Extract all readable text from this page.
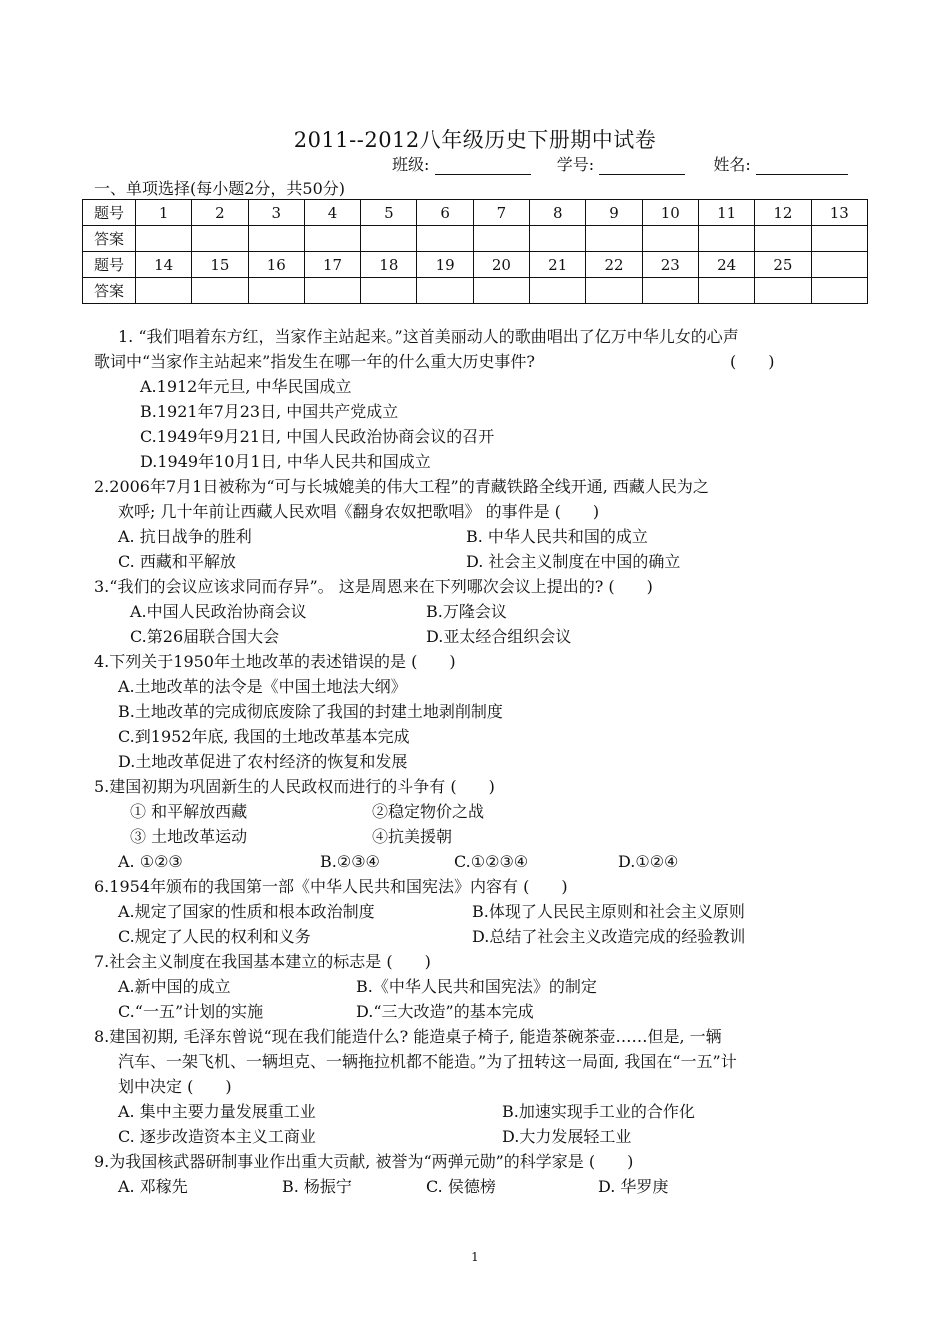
2011--2012八年级历史下册期中试卷
班级:	学号:	姓名:
一、单项选择(每小题2分，共50分)
题号	1	2	3	4	5	6	7	8	9	10	11	12	13
答案													
题号	14	15	16	17	18	19	20	21	22	23	24	25	
答案													
1. “我们唱着东方红，当家作主站起来。”这首美丽动人的歌曲唱出了亿万中华儿女的心声
歌词中“当家作主站起来”指发生在哪一年的什么重大历史事件?	(　　)
A.1912年元旦, 中华民国成立
B.1921年7月23日, 中国共产党成立
C.1949年9月21日, 中国人民政治协商会议的召开
D.1949年10月1日, 中华人民共和国成立
2.2006年7月1日被称为“可与长城媲美的伟大工程”的青藏铁路全线开通, 西藏人民为之
欢呼; 几十年前让西藏人民欢唱《翻身农奴把歌唱》 的事件是 (　　)
A. 抗日战争的胜利	B. 中华人民共和国的成立
C. 西藏和平解放	D. 社会主义制度在中国的确立
3.“我们的会议应该求同而存异”。 这是周恩来在下列哪次会议上提出的? (　　)
A.中国人民政治协商会议	B.万隆会议
C.第26届联合国大会	D.亚太经合组织会议
4.下列关于1950年土地改革的表述错误的是 (　　)
A.土地改革的法令是《中国土地法大纲》
B.土地改革的完成彻底废除了我国的封建土地剥削制度
C.到1952年底, 我国的土地改革基本完成
D.土地改革促进了农村经济的恢复和发展
5.建国初期为巩固新生的人民政权而进行的斗争有 (　　)
① 和平解放西藏	②稳定物价之战
③ 土地改革运动	④抗美援朝
A. ①②③	B.②③④	C.①②③④	D.①②④
6.1954年颁布的我国第一部《中华人民共和国宪法》内容有 (　　)
A.规定了国家的性质和根本政治制度	B.体现了人民民主原则和社会主义原则
C.规定了人民的权利和义务	D.总结了社会主义改造完成的经验教训
7.社会主义制度在我国基本建立的标志是 (　　)
A.新中国的成立	B.《中华人民共和国宪法》的制定
C.“一五”计划的实施	D.“三大改造”的基本完成
8.建国初期, 毛泽东曾说“现在我们能造什么? 能造桌子椅子, 能造茶碗茶壶……但是, 一辆
汽车、一架飞机、一辆坦克、一辆拖拉机都不能造。”为了扭转这一局面, 我国在“一五”计
划中决定 (　　)
A. 集中主要力量发展重工业	B.加速实现手工业的合作化
C. 逐步改造资本主义工商业	D.大力发展轻工业
9.为我国核武器研制事业作出重大贡献, 被誉为“两弹元勋”的科学家是 (　　)
A. 邓稼先	B. 杨振宁	C. 侯德榜	D. 华罗庚
1
